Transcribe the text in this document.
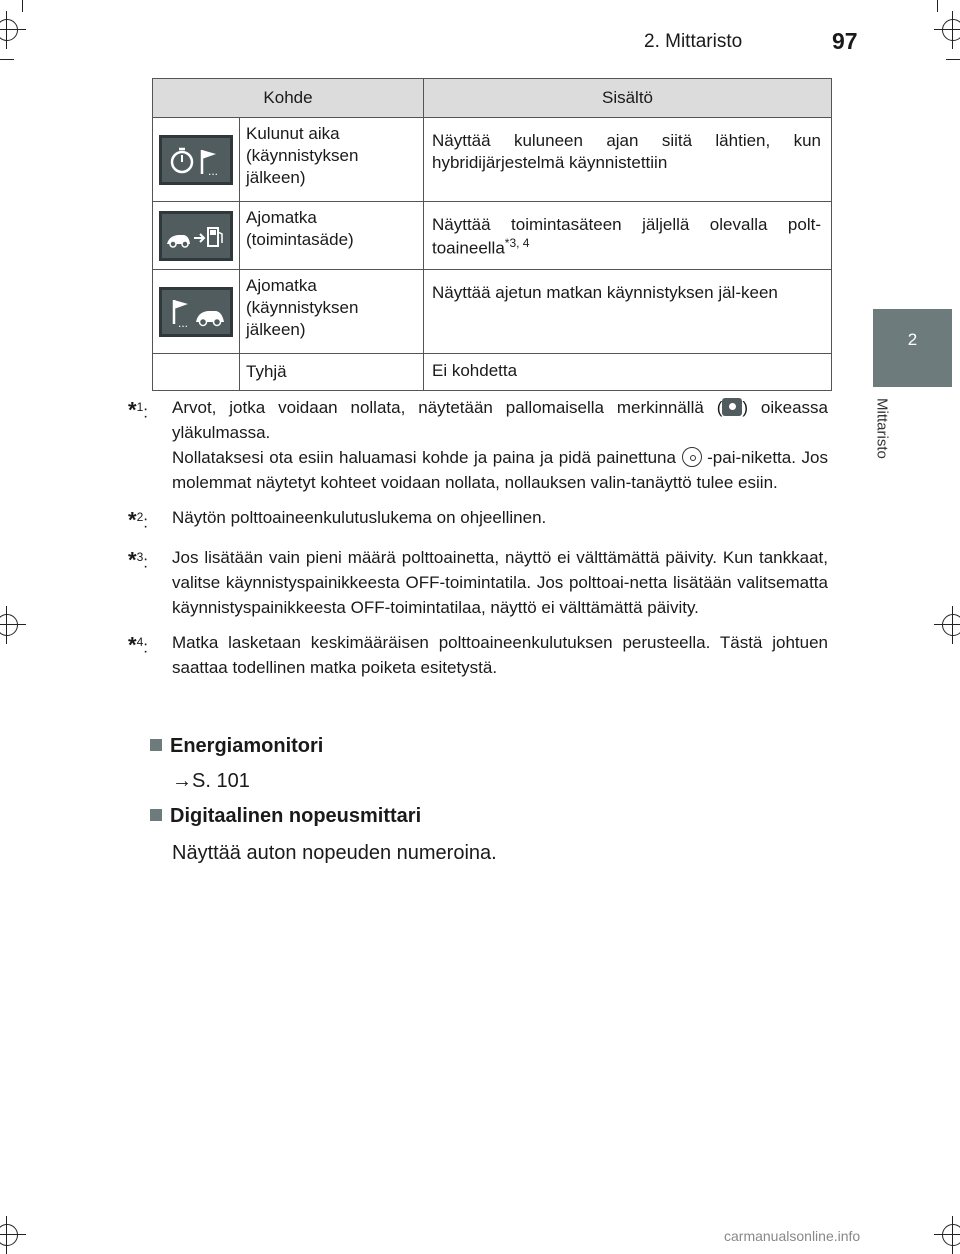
2. Mittaristo	97
2
Mittaristo
Kohde		Sisältö

...	Kulunut aika (käynnistyksen jälkeen)	Näyttää kuluneen ajan siitä lähtien, kun hybridijärjestelmä käynnistettiin
	Ajomatka (toimintasäde)	Näyttää toimintasäteen jäljellä olevalla polt-toaineella$^{*3, 4}$

...	Ajomatka (käynnistyksen jälkeen)	Näyttää ajetun matkan käynnistyksen jäl-keen
	Tyhjä	Ei kohdetta
*$^1$:	Arvot, jotka voidaan nollata, näytetään pallomaisella merkinnällä ( ) oikeassa yläkulmassa.
Nollataksesi ota esiin haluamasi kohde ja paina ja pidä painettuna -pai-niketta. Jos molemmat näytetyt kohteet voidaan nollata, nollauksen valin-tanäyttö tulee esiin.
*$^2$:	Näytön polttoaineenkulutuslukema on ohjeellinen.
*$^3$:	Jos lisätään vain pieni määrä polttoainetta, näyttö ei välttämättä päivity. Kun tankkaat, valitse käynnistyspainikkeesta OFF-toimintatila. Jos polttoai-netta lisätään valitsematta käynnistyspainikkeesta OFF-toimintatilaa, näyttö ei välttämättä päivity.
*$^4$:	Matka lasketaan keskimääräisen polttoaineenkulutuksen perusteella. Tästä johtuen saattaa todellinen matka poiketa esitetystä.
Energiamonitori
→S. 101
Digitaalinen nopeusmittari
Näyttää auton nopeuden numeroina.
carmanualsonline.info
